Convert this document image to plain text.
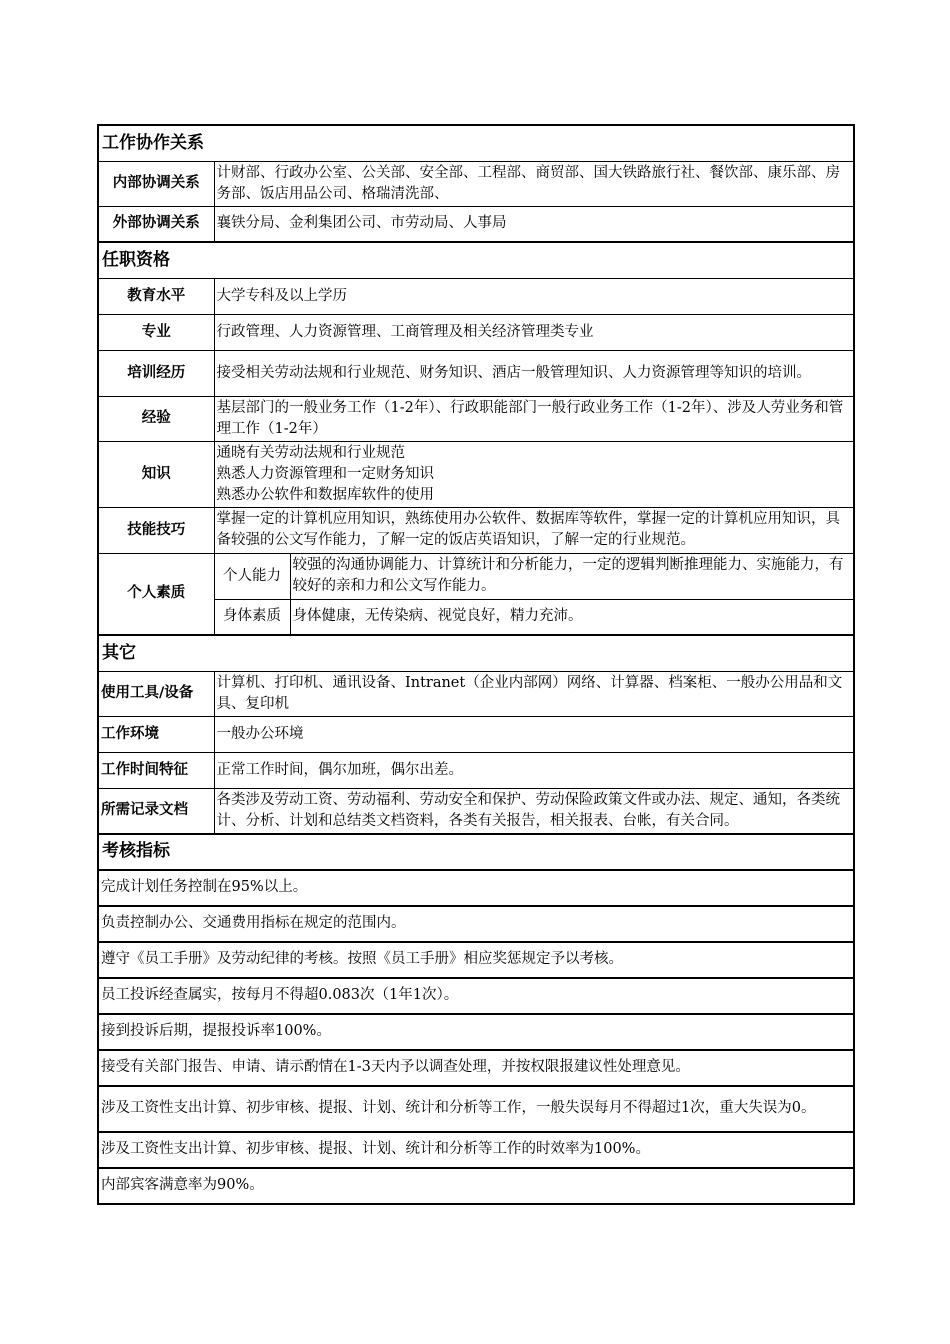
工作协作关系		
内部协调关系	计财部、行政办公室、公关部、安全部、工程部、商贸部、国大铁路旅行社、餐饮部、康乐部、房务部、饭店用品公司、格瑞清洗部、	
外部协调关系	襄铁分局、金利集团公司、市劳动局、人事局	
任职资格		
教育水平	大学专科及以上学历	
专业	行政管理、人力资源管理、工商管理及相关经济管理类专业	
培训经历	接受相关劳动法规和行业规范、财务知识、酒店一般管理知识、人力资源管理等知识的培训。	
经验	基层部门的一般业务工作（1-2年）、行政职能部门一般行政业务工作（1-2年）、涉及人劳业务和管理工作（1-2年）	
知识	通晓有关劳动法规和行业规范
熟悉人力资源管理和一定财务知识
熟悉办公软件和数据库软件的使用	

技能技巧	掌握一定的计算机应用知识，熟练使用办公软件、数据库等软件，掌握一定的计算机应用知识，具备较强的公文写作能力，了解一定的饭店英语知识，了解一定的行业规范。	
个人素质	个人能力	较强的沟通协调能力、计算统计和分析能力，一定的逻辑判断推理能力、实施能力，有较好的亲和力和公文写作能力。
	身体素质	身体健康，无传染病、视觉良好，精力充沛。
其它		
使用工具/设备	计算机、打印机、通讯设备、Intranet（企业内部网）网络、计算器、档案柜、一般办公用品和文具、复印机	
工作环境	一般办公环境	
工作时间特征	正常工作时间，偶尔加班，偶尔出差。	
所需记录文档	各类涉及劳动工资、劳动福利、劳动安全和保护、劳动保险政策文件或办法、规定、通知，各类统计、分析、计划和总结类文档资料，各类有关报告，相关报表、台帐，有关合同。	
考核指标		
完成计划任务控制在95%以上。		
负责控制办公、交通费用指标在规定的范围内。		
遵守《员工手册》及劳动纪律的考核。按照《员工手册》相应奖惩规定予以考核。		
员工投诉经查属实，按每月不得超0.083次（1年1次）。		
接到投诉后期，提报投诉率100%。		
接受有关部门报告、申请、请示酌情在1-3天内予以调查处理，并按权限报建议性处理意见。		
涉及工资性支出计算、初步审核、提报、计划、统计和分析等工作，一般失误每月不得超过1次，重大失误为0。		
涉及工资性支出计算、初步审核、提报、计划、统计和分析等工作的时效率为100%。		
内部宾客满意率为90%。		
